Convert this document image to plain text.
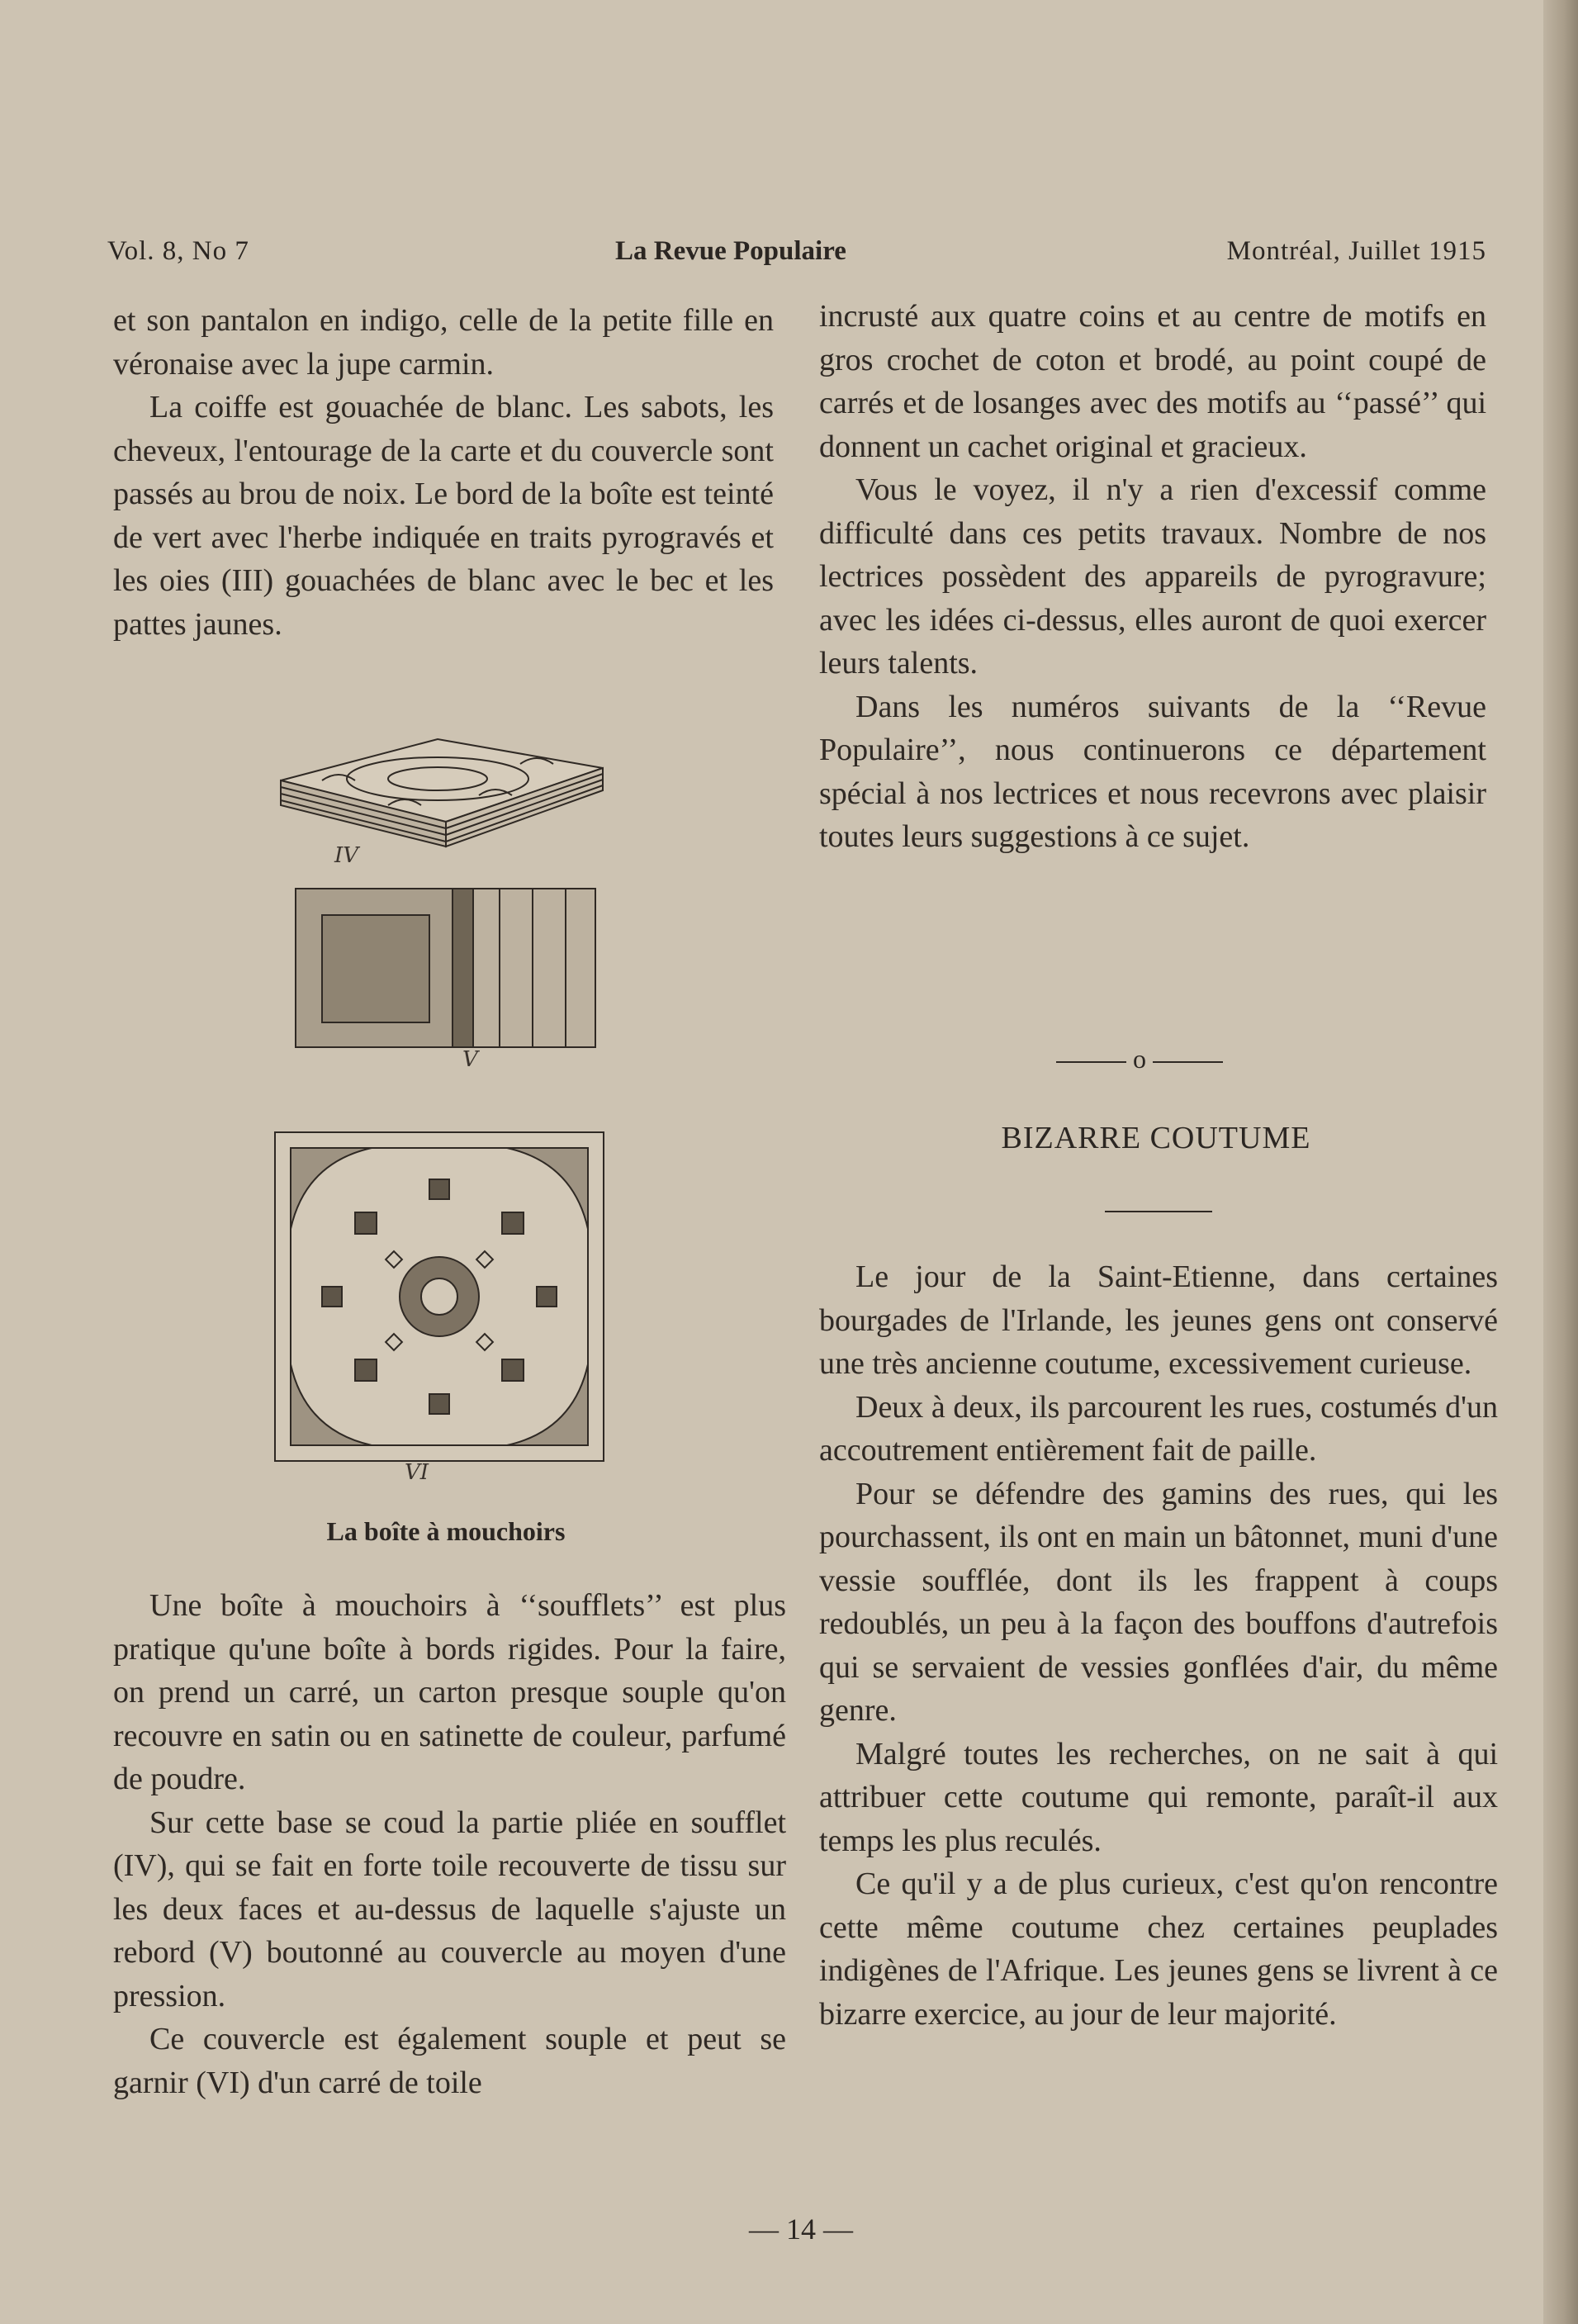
Vol. 8, No 7	La Revue Populaire	Montréal, Juillet 1915

et son pantalon en indigo, celle de la petite fille en véronaise avec la jupe carmin.

La coiffe est gouachée de blanc. Les sabots, les cheveux, l'entourage de la carte et du couvercle sont passés au brou de noix. Le bord de la boîte est teinté de vert avec l'herbe indiquée en traits pyrogravés et les oies (III) gouachées de blanc avec le bec et les pattes jaunes.

IV
V
VI
La boîte à mouchoirs

Une boîte à mouchoirs à ‘‘soufflets’’ est plus pratique qu'une boîte à bords rigides. Pour la faire, on prend un carré, un carton presque souple qu'on recouvre en satin ou en satinette de couleur, parfumé de poudre.

Sur cette base se coud la partie pliée en soufflet (IV), qui se fait en forte toile recouverte de tissu sur les deux faces et au-dessus de laquelle s'ajuste un rebord (V) boutonné au couvercle au moyen d'une pression.

Ce couvercle est également souple et peut se garnir (VI) d'un carré de toile

incrusté aux quatre coins et au centre de motifs en gros crochet de coton et brodé, au point coupé de carrés et de losanges avec des motifs au ‘‘passé’’ qui donnent un cachet original et gracieux.

Vous le voyez, il n'y a rien d'excessif comme difficulté dans ces petits travaux. Nombre de nos lectrices possèdent des appareils de pyrogravure; avec les idées ci-dessus, elles auront de quoi exercer leurs talents.

Dans les numéros suivants de la ‘‘Revue Populaire’’, nous continuerons ce département spécial à nos lectrices et nous recevrons avec plaisir toutes leurs suggestions à ce sujet.

o
BIZARRE COUTUME

Le jour de la Saint-Etienne, dans certaines bourgades de l'Irlande, les jeunes gens ont conservé une très ancienne coutume, excessivement curieuse.

Deux à deux, ils parcourent les rues, costumés d'un accoutrement entièrement fait de paille.

Pour se défendre des gamins des rues, qui les pourchassent, ils ont en main un bâtonnet, muni d'une vessie soufflée, dont ils les frappent à coups redoublés, un peu à la façon des bouffons d'autrefois qui se servaient de vessies gonflées d'air, du même genre.

Malgré toutes les recherches, on ne sait à qui attribuer cette coutume qui remonte, paraît-il aux temps les plus reculés.

Ce qu'il y a de plus curieux, c'est qu'on rencontre cette même coutume chez certaines peuplades indigènes de l'Afrique. Les jeunes gens se livrent à ce bizarre exercice, au jour de leur majorité.

— 14 —
